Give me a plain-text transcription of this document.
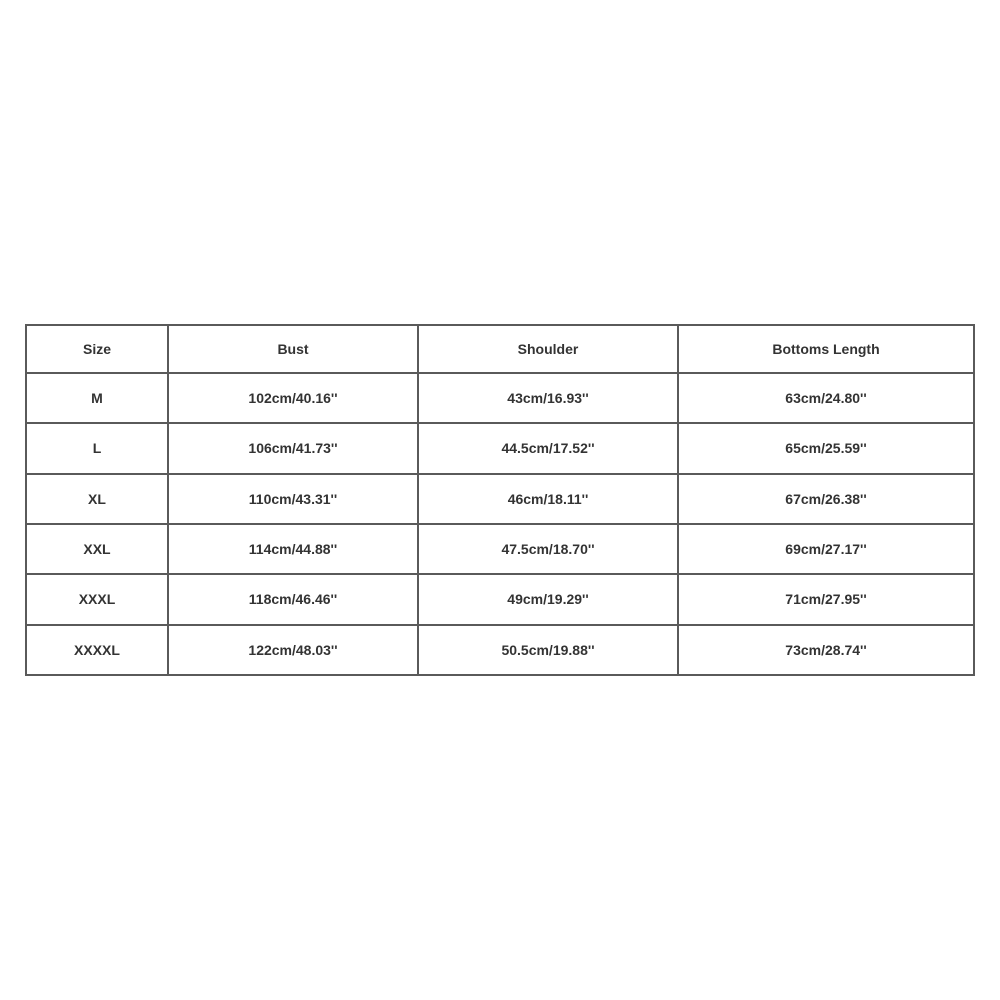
Size	Bust	Shoulder	Bottoms Length
M	102cm/40.16''	43cm/16.93''	63cm/24.80''
L	106cm/41.73''	44.5cm/17.52''	65cm/25.59''
XL	110cm/43.31''	46cm/18.11''	67cm/26.38''
XXL	114cm/44.88''	47.5cm/18.70''	69cm/27.17''
XXXL	118cm/46.46''	49cm/19.29''	71cm/27.95''
XXXXL	122cm/48.03''	50.5cm/19.88''	73cm/28.74''
